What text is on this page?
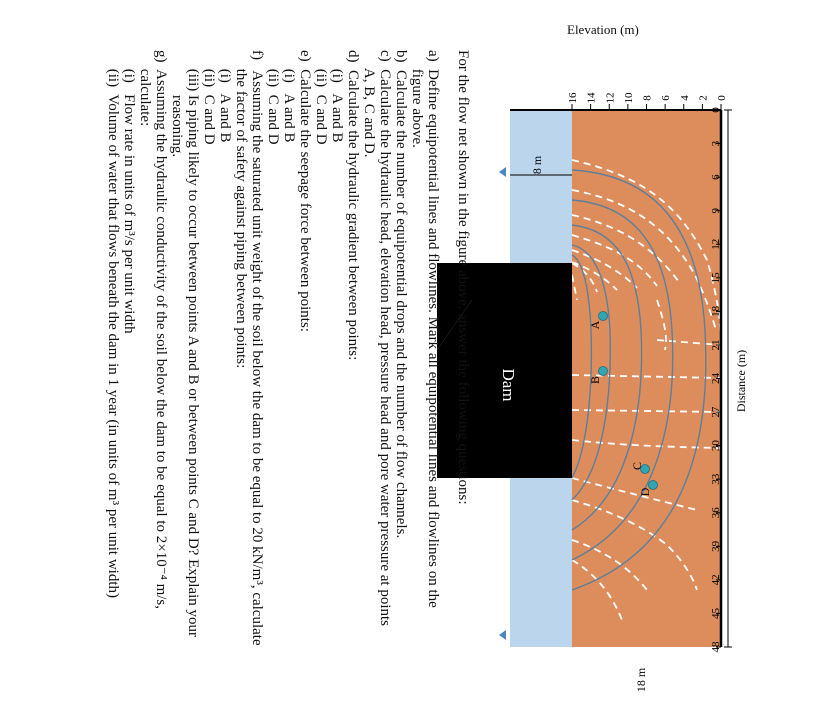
A
B
C
D
0
3
6
9
12
15
18
21
24
27
30
33
36
39
42
45
48
0
2
4
6
8
10
12
14
16
Dam
8 m
18 m
Distance (m)
Elevation (m)
For the flow net shown in the figure above, answer the following questions:
a)  Define equipotential lines and flowlines. Mark all equipotential lines and flowlines on the
figure above.
b)  Calculate the number of equipotential drops and the number of flow channels.
c)  Calculate the hydraulic head, elevation head, pressure head and pore water pressure at points
A, B, C and D.
d)  Calculate the hydraulic gradient between points:
(i)   A and B
(ii)  C and D
e)  Calculate the seepage force between points:
(i)   A and B
(ii)  C and D
f)   Assuming the saturated unit weight of the soil below the dam to be equal to 20 kN/m³, calculate
the factor of safety against piping between points:
(i)   A and B
(ii)  C and D
(iii) Is piping likely to occur between points A and B or between points C and D? Explain your
reasoning.
g)  Assuming the hydraulic conductivity of the soil below the dam to be equal to 2×10⁻⁴ m/s,
calculate:
(i)   Flow rate in units of m³/s per unit width
(ii)  Volume of water that flows beneath the dam in 1 year (in units of m³ per unit width)
